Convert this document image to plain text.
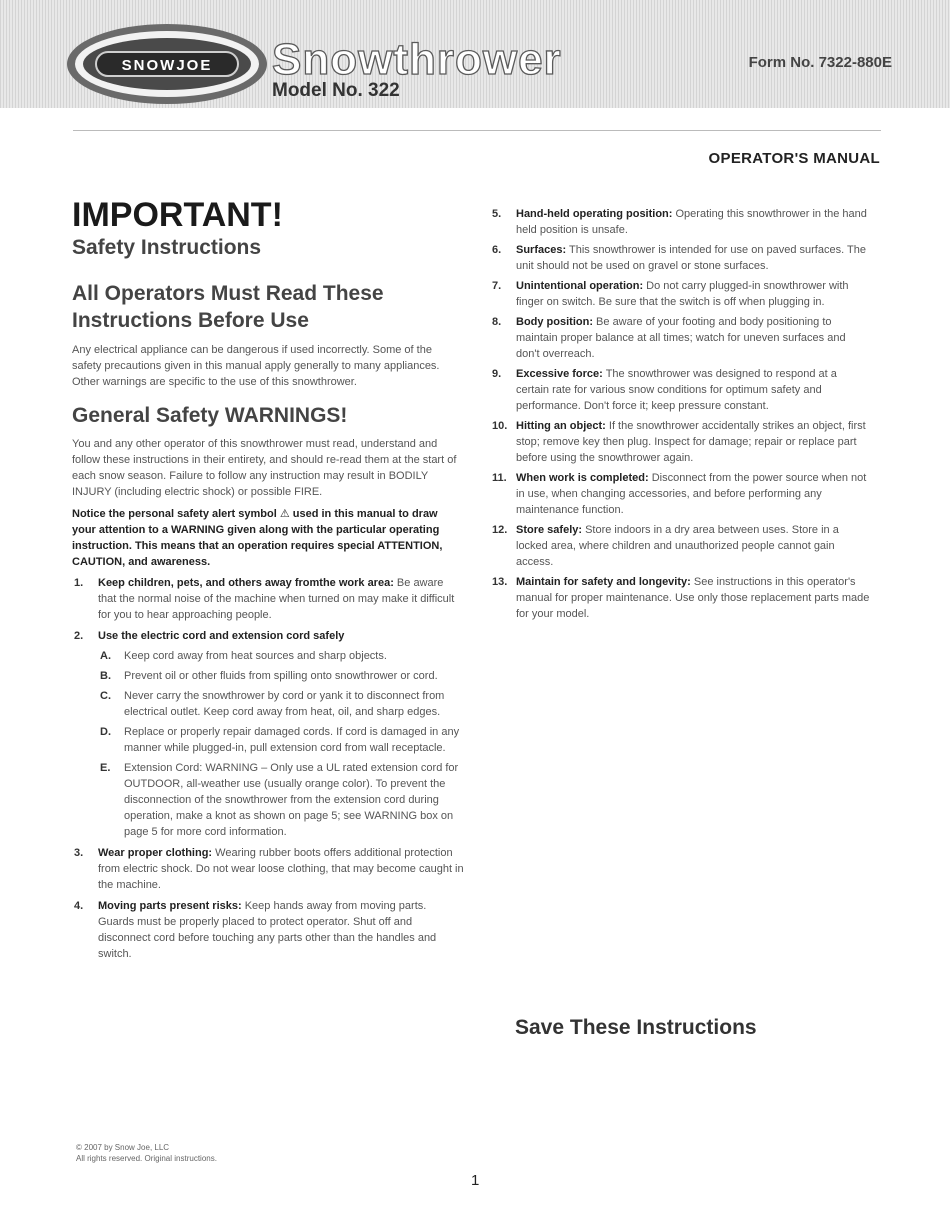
SNOWJOE Snowthrower
Model No. 322
Form No. 7322-880E
OPERATOR'S MANUAL
IMPORTANT!
Safety Instructions
All Operators Must Read These Instructions Before Use

Any electrical appliance can be dangerous if used incorrectly. Some of the safety precautions given in this manual apply generally to many appliances. Other warnings are specific to the use of this snowthrower.

General Safety WARNINGS!

You and any other operator of this snowthrower must read, understand and follow these instructions in their entirety, and should re-read them at the start of each snow season. Failure to follow any instruction may result in BODILY INJURY (including electric shock) or possible FIRE.

Notice the personal safety alert symbol ⚠ used in this manual to draw your attention to a WARNING given along with the particular operating instruction. This means that an operation requires special ATTENTION, CAUTION, and awareness.

1. Keep children, pets, and others away fromthe work area: Be aware that the normal noise of the machine when turned on may make it difficult for you to hear approaching people.
2. Use the electric cord and extension cord safely
A. Keep cord away from heat sources and sharp objects.
B. Prevent oil or other fluids from spilling onto snowthrower or cord.
C. Never carry the snowthrower by cord or yank it to disconnect from electrical outlet. Keep cord away from heat, oil, and sharp edges.
D. Replace or properly repair damaged cords. If cord is damaged in any manner while plugged-in, pull extension cord from wall receptacle.
E. Extension Cord: WARNING – Only use a UL rated extension cord for OUTDOOR, all-weather use (usually orange color). To prevent the disconnection of the snowthrower from the extension cord during operation, make a knot as shown on page 5; see WARNING box on page 5 for more cord information.
3. Wear proper clothing: Wearing rubber boots offers additional protection from electric shock. Do not wear loose clothing, that may become caught in the machine.
4. Moving parts present risks: Keep hands away from moving parts. Guards must be properly placed to protect operator. Shut off and disconnect cord before touching any parts other than the handles and switch.
5. Hand-held operating position: Operating this snowthrower in the hand held position is unsafe.
6. Surfaces: This snowthrower is intended for use on paved surfaces. The unit should not be used on gravel or stone surfaces.
7. Unintentional operation: Do not carry plugged-in snowthrower with finger on switch. Be sure that the switch is off when plugging in.
8. Body position: Be aware of your footing and body positioning to maintain proper balance at all times; watch for uneven surfaces and don't overreach.
9. Excessive force: The snowthrower was designed to respond at a certain rate for various snow conditions for optimum safety and performance. Don't force it; keep pressure constant.
10. Hitting an object: If the snowthrower accidentally strikes an object, first stop; remove key then plug. Inspect for damage; repair or replace part before using the snowthrower again.
11. When work is completed: Disconnect from the power source when not in use, when changing accessories, and before performing any maintenance function.
12. Store safely: Store indoors in a dry area between uses. Store in a locked area, where children and unauthorized people cannot gain access.
13. Maintain for safety and longevity: See instructions in this operator's manual for proper maintenance. Use only those replacement parts made for your model.
Save These Instructions
© 2007 by Snow Joe, LLC
All rights reserved. Original instructions.
1
